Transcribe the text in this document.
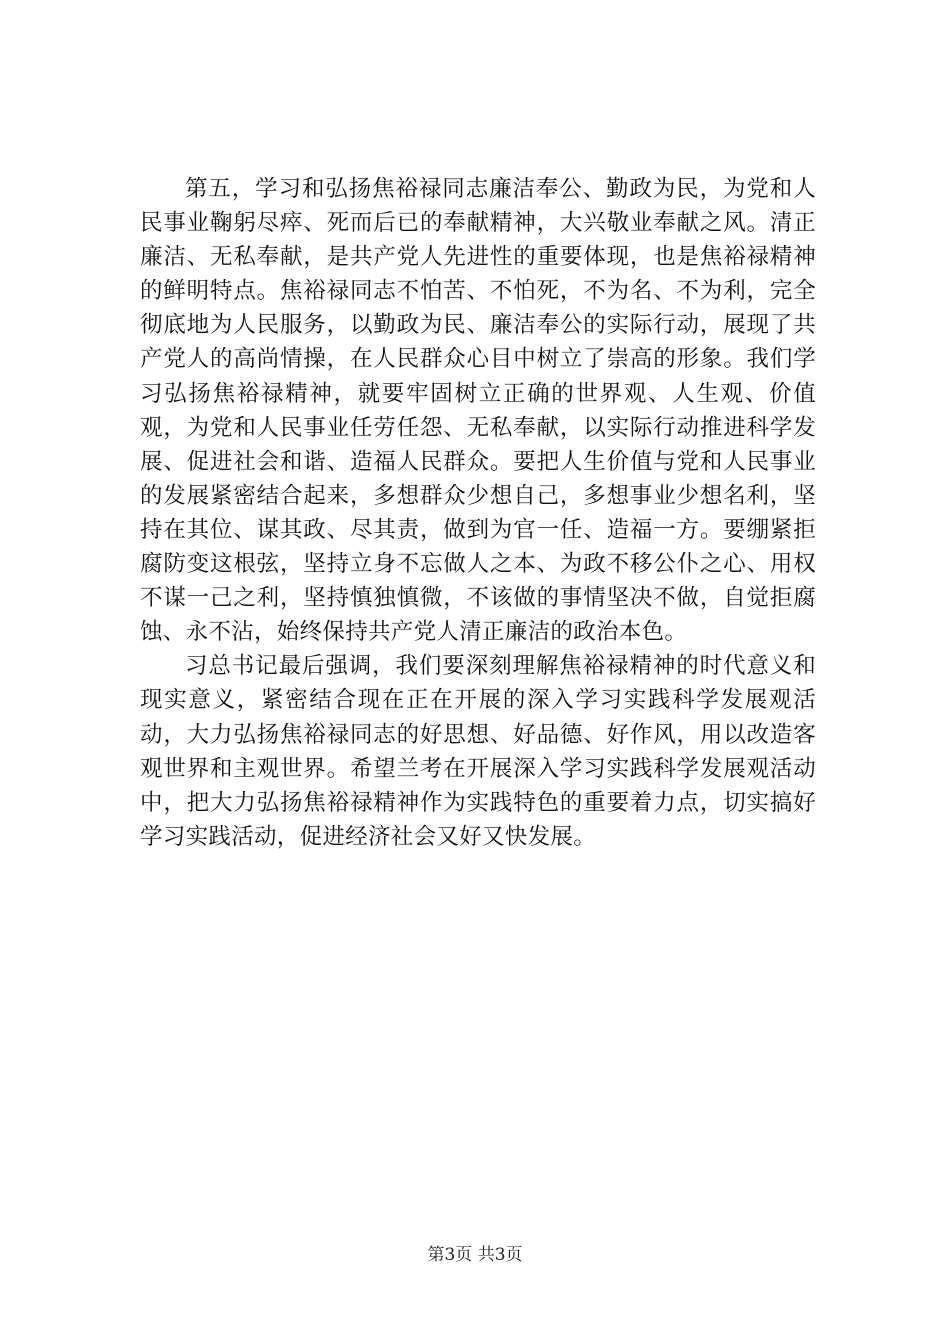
第五，学习和弘扬焦裕禄同志廉洁奉公、勤政为民，为党和人民事业鞠躬尽瘁、死而后已的奉献精神，大兴敬业奉献之风。清正廉洁、无私奉献，是共产党人先进性的重要体现，也是焦裕禄精神的鲜明特点。焦裕禄同志不怕苦、不怕死，不为名、不为利，完全彻底地为人民服务，以勤政为民、廉洁奉公的实际行动，展现了共产党人的高尚情操，在人民群众心目中树立了崇高的形象。我们学习弘扬焦裕禄精神，就要牢固树立正确的世界观、人生观、价值观，为党和人民事业任劳任怨、无私奉献，以实际行动推进科学发展、促进社会和谐、造福人民群众。要把人生价值与党和人民事业的发展紧密结合起来，多想群众少想自己，多想事业少想名利，坚持在其位、谋其政、尽其责，做到为官一任、造福一方。要绷紧拒腐防变这根弦，坚持立身不忘做人之本、为政不移公仆之心、用权不谋一己之利，坚持慎独慎微，不该做的事情坚决不做，自觉拒腐蚀、永不沾，始终保持共产党人清正廉洁的政治本色。

习总书记最后强调，我们要深刻理解焦裕禄精神的时代意义和现实意义，紧密结合现在正在开展的深入学习实践科学发展观活动，大力弘扬焦裕禄同志的好思想、好品德、好作风，用以改造客观世界和主观世界。希望兰考在开展深入学习实践科学发展观活动中，把大力弘扬焦裕禄精神作为实践特色的重要着力点，切实搞好学习实践活动，促进经济社会又好又快发展。

第3页 共3页
